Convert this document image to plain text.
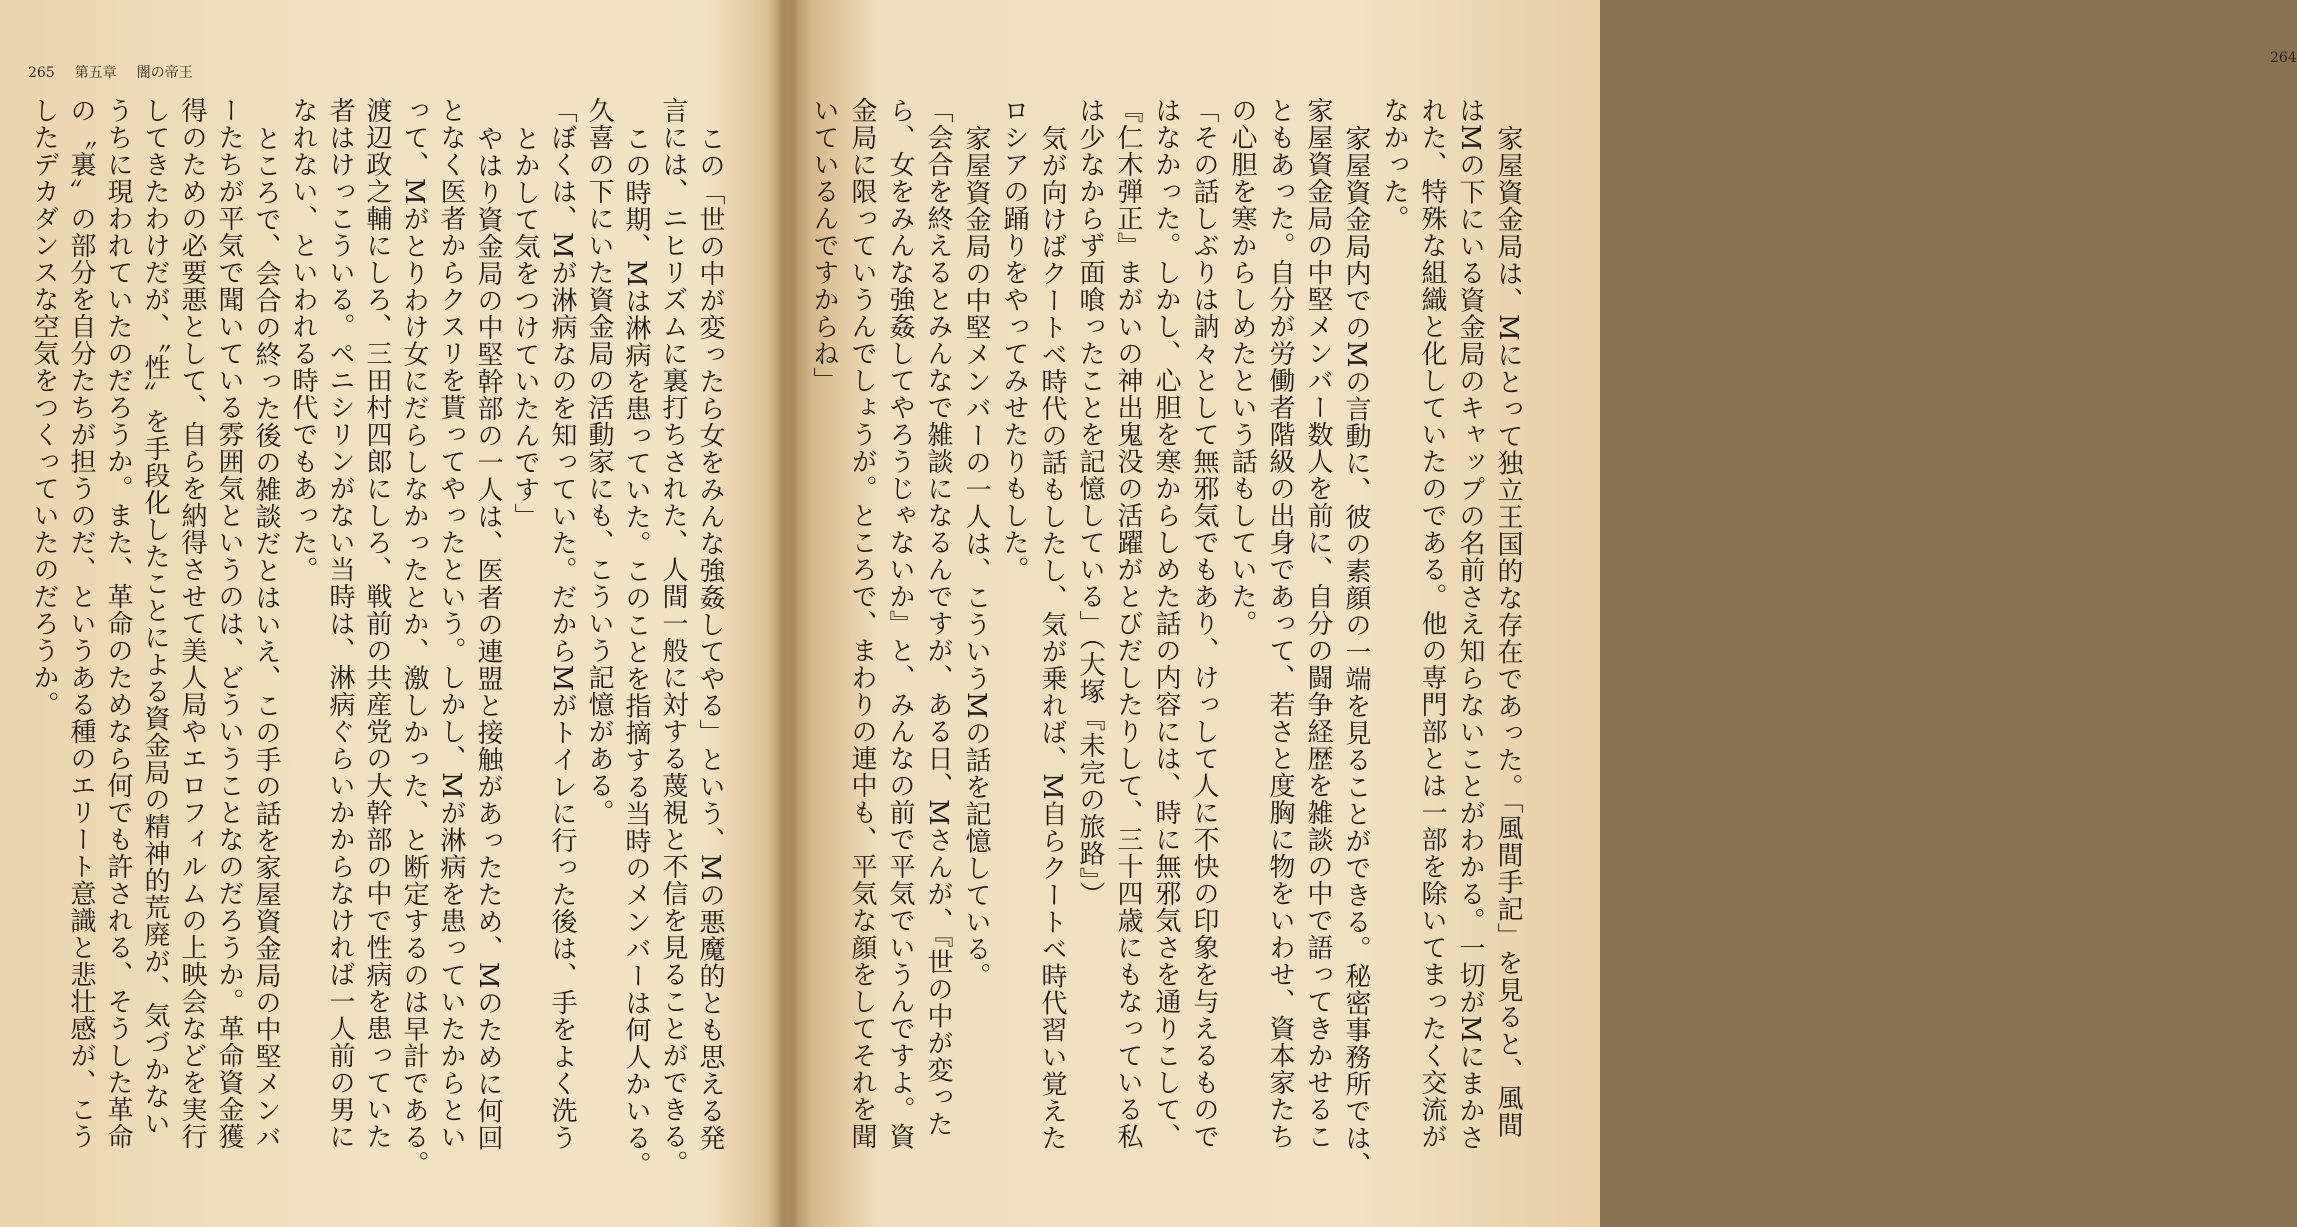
265 第五章 闇の帝王
したデカダンスな空気をつくっていたのだろうか。 の〝裏〟の部分を自分たちが担うのだ、というある種のエリート意識と悲壮感が、こう うちに現われていたのだろうか。また、革命のためなら何でも許される、そうした革命 してきたわけだが、〝性〟を手段化したことによる資金局の精神的荒廃が、気づかない 得のための必要悪として、自らを納得させて美人局やエロフィルムの上映会などを実行 ーたちが平気で聞いている雰囲気というのは、どういうことなのだろうか。革命資金獲 ところで、会合の終った後の雑談だとはいえ、この手の話を家屋資金局の中堅メンバ なれない、といわれる時代でもあった。 者はけっこういる。ペニシリンがない当時は、淋病ぐらいかからなければ一人前の男に 渡辺政之輔にしろ、三田村四郎にしろ、戦前の共産党の大幹部の中で性病を患っていた って、Mがとりわけ女にだらしなかったとか、激しかった、と断定するのは早計である。 となく医者からクスリを貰ってやったという。しかし、Mが淋病を患っていたからとい やはり資金局の中堅幹部の一人は、医者の連盟と接触があったため、Mのために何回 とかして気をつけていたんです」 「ぼくは、Mが淋病なのを知っていた。だからMがトイレに行った後は、手をよく洗う 久喜の下にいた資金局の活動家にも、こういう記憶がある。 この時期、Mは淋病を患っていた。このことを指摘する当時のメンバーは何人かいる。 言には、ニヒリズムに裏打ちされた、人間一般に対する蔑視と不信を見ることができる。 この「世の中が変ったら女をみんな強姦してやる」という、Mの悪魔的とも思える発
264
いているんですからね」 金局に限っていうんでしょうが。ところで、まわりの連中も、平気な顔をしてそれを聞 ら、女をみんな強姦してやろうじゃないか』と、みんなの前で平気でいうんですよ。資 「会合を終えるとみんなで雑談になるんですが、ある日、Mさんが、『世の中が変った 家屋資金局の中堅メンバーの一人は、こういうMの話を記憶している。 ロシアの踊りをやってみせたりもした。 気が向けばクートベ時代の話もしたし、気が乗れば、M自らクートベ時代習い覚えた は少なからず面喰ったことを記憶している」（大塚『未完の旅路』） 『仁木弾正』まがいの神出鬼没の活躍がとびだしたりして、三十四歳にもなっている私 はなかった。しかし、心胆を寒からしめた話の内容には、時に無邪気さを通りこして、 「その話しぶりは訥々として無邪気でもあり、けっして人に不快の印象を与えるもので の心胆を寒からしめたという話もしていた。 ともあった。自分が労働者階級の出身であって、若さと度胸に物をいわせ、資本家たち 家屋資金局の中堅メンバー数人を前に、自分の闘争経歴を雑談の中で語ってきかせるこ 家屋資金局内でのMの言動に、彼の素顔の一端を見ることができる。秘密事務所では、 なかった。 れた、特殊な組織と化していたのである。他の専門部とは一部を除いてまったく交流が はMの下にいる資金局のキャップの名前さえ知らないことがわかる。一切がMにまかさ 家屋資金局は、Mにとって独立王国的な存在であった。「風間手記」を見ると、風間
